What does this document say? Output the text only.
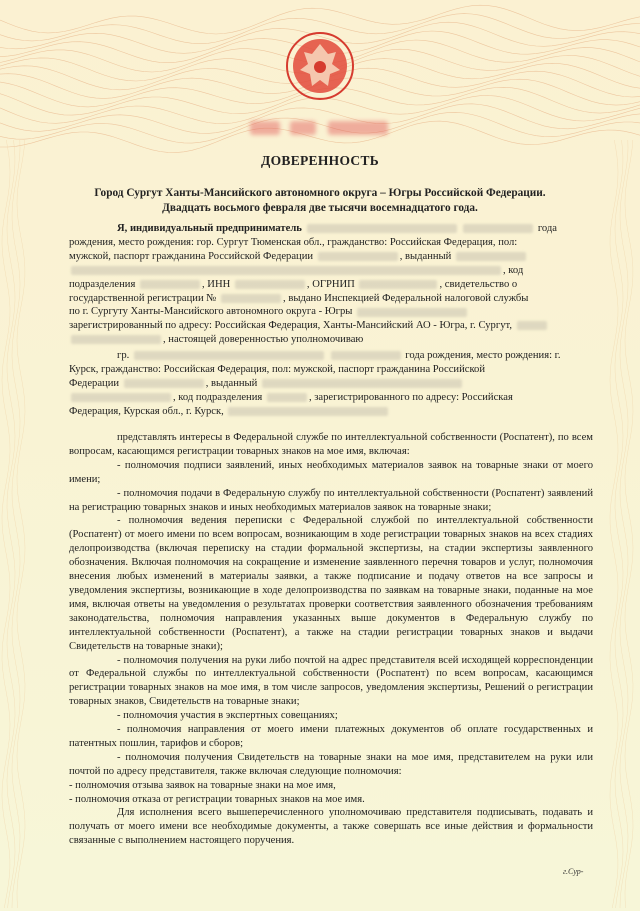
ДОВЕРЕННОСТЬ
Город Сургут Ханты-Мансийского автономного округа – Югры Российской Федерации.
Двадцать восьмого февраля две тысячи восемнадцатого года.
Я, индивидуальный предприниматель	года
рождения, место рождения: гор. Сургут Тюменская обл., гражданство: Российская Федерация, пол:
мужской, паспорт гражданина Российской Федерации	, выданный
, код
подразделения	, ИНН	, ОГРНИП	, свидетельство о
государственной регистрации №	, выдано Инспекцией Федеральной налоговой службы
по г. Сургуту Ханты-Мансийского автономного округа - Югры
зарегистрированный по адресу: Российская Федерация, Ханты-Мансийский АО - Югра, г. Сургут,
, настоящей доверенностью уполномочиваю
гр.	года рождения, место рождения: г.
Курск, гражданство: Российская Федерация, пол: мужской, паспорт гражданина Российской
Федерации	, выданный
, код подразделения	, зарегистрированного по адресу: Российская
Федерация, Курская обл., г. Курск,
представлять интересы в Федеральной службе по интеллектуальной собственности (Роспатент), по всем вопросам, касающимся регистрации товарных знаков на мое имя, включая:
- полномочия подписи заявлений, иных необходимых материалов заявок на товарные знаки от моего имени;
- полномочия подачи в Федеральную службу по интеллектуальной собственности (Роспатент) заявлений на регистрацию товарных знаков и иных необходимых материалов заявок на товарные знаки;
- полномочия ведения переписки с Федеральной службой по интеллектуальной собственности (Роспатент) от моего имени по всем вопросам, возникающим в ходе регистрации товарных знаков на всех стадиях делопроизводства (включая переписку на стадии формальной экспертизы, на стадии экспертизы заявленного обозначения. Включая полномочия на сокращение и изменение заявленного перечня товаров и услуг, полномочия внесения любых изменений в материалы заявки, а также подписание и подачу ответов на все запросы и уведомления экспертизы, возникающие в ходе делопроизводства по заявкам на товарные знаки, поданные на мое имя, включая ответы на уведомления о результатах проверки соответствия заявленного обозначения требованиям законодательства, полномочия направления указанных выше документов в Федеральную службу по интеллектуальной собственности (Роспатент), а также на стадии регистрации товарных знаков и выдачи Свидетельств на товарные знаки);
- полномочия получения на руки либо почтой на адрес представителя всей исходящей корреспонденции от Федеральной службы по интеллектуальной собственности (Роспатент) по всем вопросам, касающимся регистрации товарных знаков на мое имя, в том числе запросов, уведомления экспертизы, Решений о регистрации товарных знаков, Свидетельств на товарные знаки;
- полномочия участия в экспертных совещаниях;
- полномочия направления от моего имени платежных документов об оплате государственных и патентных пошлин, тарифов и сборов;
- полномочия получения Свидетельств на товарные знаки на мое имя, представителем на руки или почтой по адресу представителя, также включая следующие полномочия:
- полномочия отзыва заявок на товарные знаки на мое имя,
- полномочия отказа от регистрации товарных знаков на мое имя.
Для исполнения всего вышеперечисленного уполномочиваю представителя подписывать, подавать и получать от моего имени все необходимые документы, а также совершать все иные действия и формальности связанные с выполнением настоящего поручения.
г.Сур-
